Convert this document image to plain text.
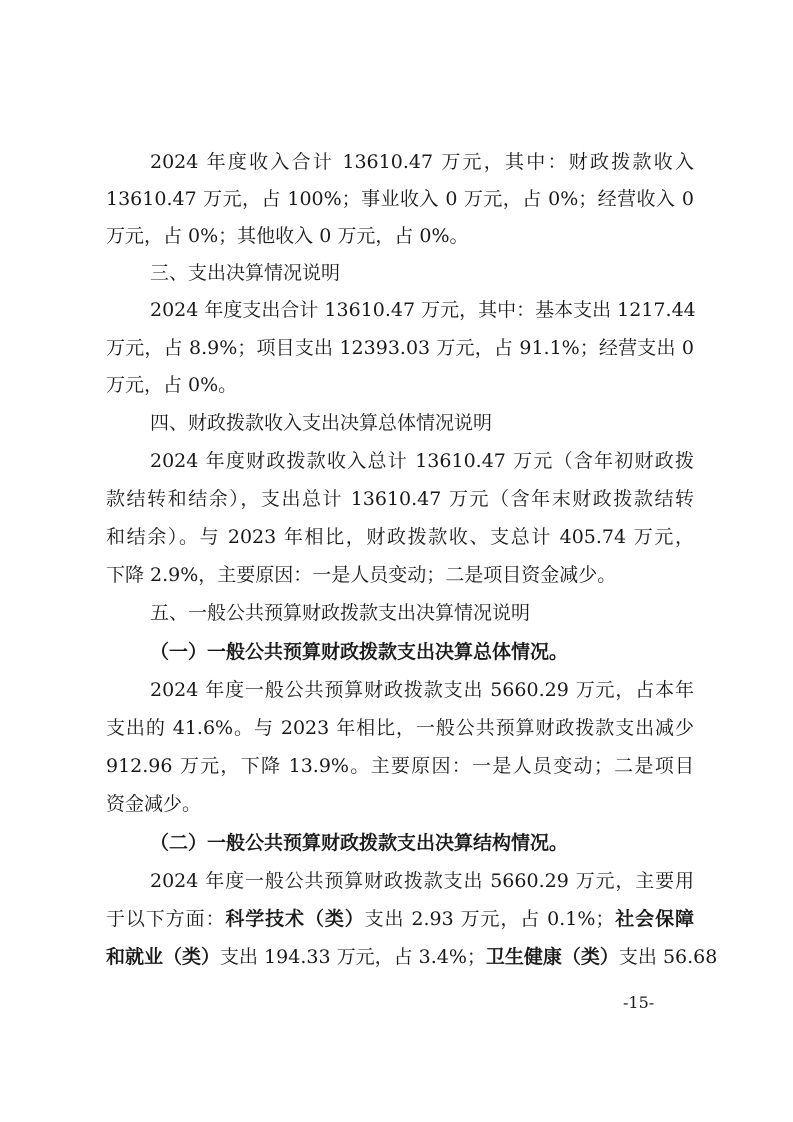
2024 年度收入合计 13610.47 万元，其中：财政拨款收入
13610.47 万元，占 100%；事业收入 0 万元，占 0%；经营收入 0
万元，占 0%；其他收入 0 万元，占 0%。
三、支出决算情况说明
2024 年度支出合计 13610.47 万元，其中：基本支出 1217.44
万元，占 8.9%；项目支出 12393.03 万元，占 91.1%；经营支出 0
万元，占 0%。
四、财政拨款收入支出决算总体情况说明
2024 年度财政拨款收入总计 13610.47 万元（含年初财政拨
款结转和结余），支出总计 13610.47 万元（含年末财政拨款结转
和结余）。与 2023 年相比，财政拨款收、支总计 405.74 万元，
下降 2.9%，主要原因：一是人员变动；二是项目资金减少。
五、一般公共预算财政拨款支出决算情况说明
（一）一般公共预算财政拨款支出决算总体情况。
2024 年度一般公共预算财政拨款支出 5660.29 万元，占本年
支出的 41.6%。与 2023 年相比，一般公共预算财政拨款支出减少
912.96 万元，下降 13.9%。主要原因：一是人员变动；二是项目
资金减少。
（二）一般公共预算财政拨款支出决算结构情况。
2024 年度一般公共预算财政拨款支出 5660.29 万元，主要用
于以下方面：科学技术（类）支出 2.93 万元，占 0.1%；社会保障
和就业（类）支出 194.33 万元，占 3.4%；卫生健康（类）支出 56.68
-15-
